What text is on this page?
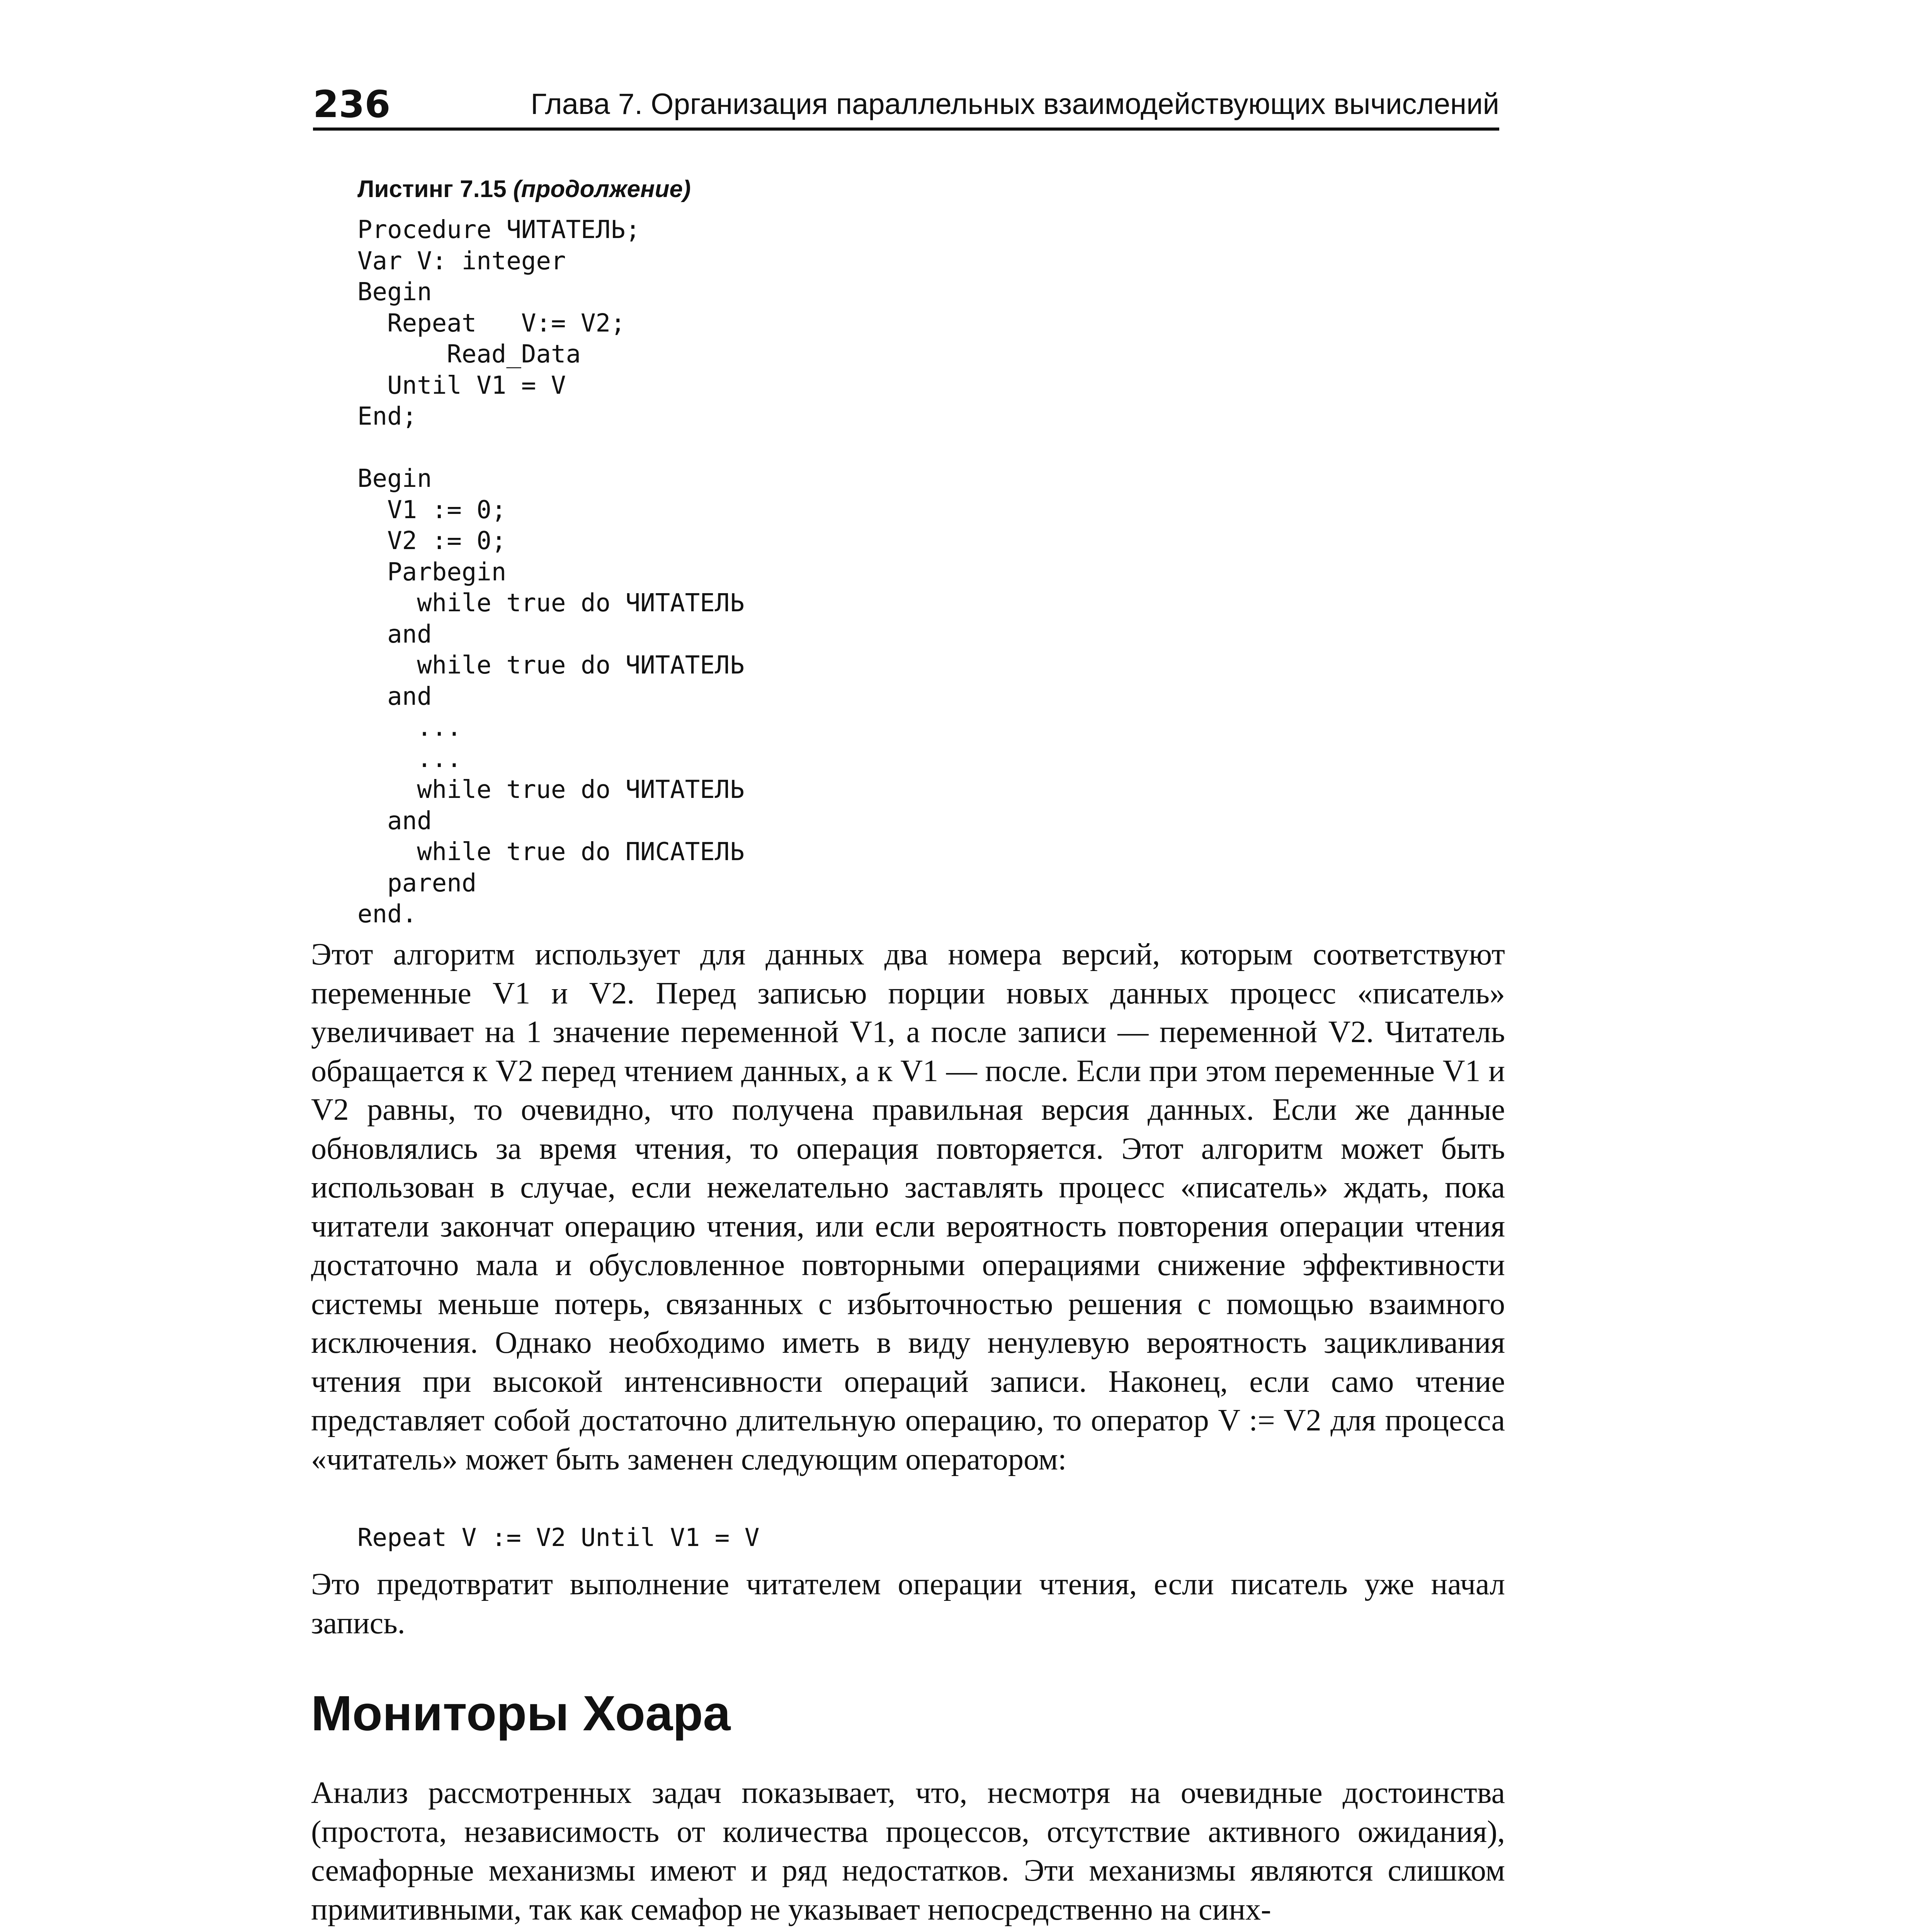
236	Глава 7. Организация параллельных взаимодействующих вычислений
Листинг 7.15 (продолжение)
Procedure ЧИТАТЕЛЬ;
Var V: integer
Begin
Repeat   V:= V2;
Read_Data
Until V1 = V
End;

Begin
V1 := 0;
V2 := 0;
Parbegin
while true do ЧИТАТЕЛЬ
and
while true do ЧИТАТЕЛЬ
and
...
...
while true do ЧИТАТЕЛЬ
and
while true do ПИСАТЕЛЬ
parend
end.

Этот алгоритм использует для данных два номера версий, которым соответствуют переменные V1 и V2. Перед записью порции новых данных процесс «писатель» увеличивает на 1 значение переменной V1, а после записи — переменной V2. Читатель обращается к V2 перед чтением данных, а к V1 — после. Если при этом переменные V1 и V2 равны, то очевидно, что получена правильная версия данных. Если же данные обновлялись за время чтения, то операция повторяется. Этот алгоритм может быть использован в случае, если нежелательно заставлять процесс «писатель» ждать, пока читатели закончат операцию чтения, или если вероятность повторения операции чтения достаточно мала и обусловленное повторными операциями снижение эффективности системы меньше потерь, связанных с избыточностью решения с помощью взаимного исключения. Однако необходимо иметь в виду ненулевую вероятность зацикливания чтения при высокой интенсивности операций записи. Наконец, если само чтение представляет собой достаточно длительную операцию, то оператор V := V2 для процесса «читатель» может быть заменен следующим оператором:

Repeat V := V2 Until V1 = V

Это предотвратит выполнение читателем операции чтения, если писатель уже начал запись.

Мониторы Хоара

Анализ рассмотренных задач показывает, что, несмотря на очевидные достоинства (простота, независимость от количества процессов, отсутствие активного ожидания), семафорные механизмы имеют и ряд недостатков. Эти механизмы являются слишком примитивными, так как семафор не указывает непосредственно на синх-
